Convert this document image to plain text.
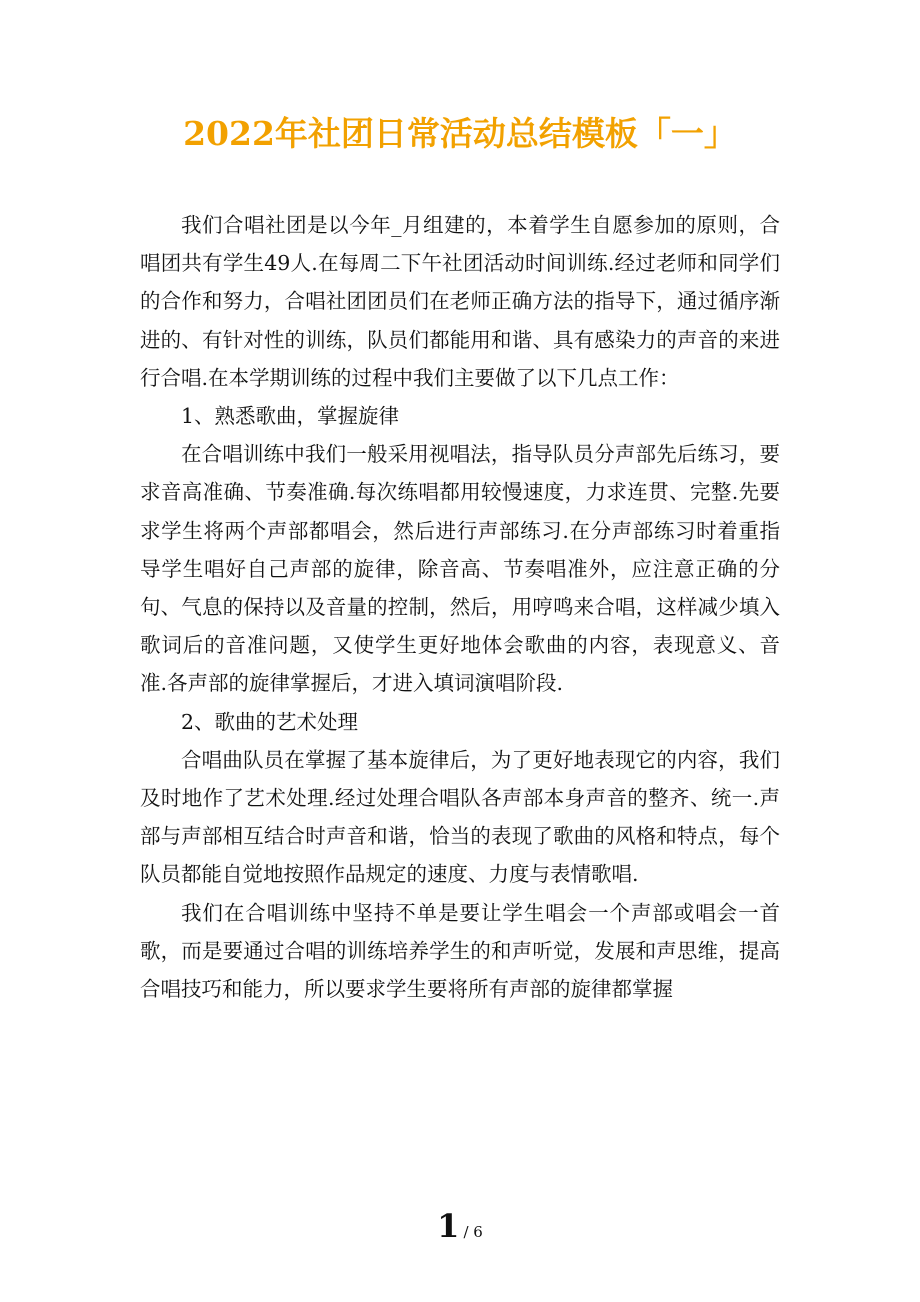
2022年社团日常活动总结模板「一」

我们合唱社团是以今年_月组建的，本着学生自愿参加的原则，合唱团共有学生49人.在每周二下午社团活动时间训练.经过老师和同学们的合作和努力，合唱社团团员们在老师正确方法的指导下，通过循序渐进的、有针对性的训练，队员们都能用和谐、具有感染力的声音的来进行合唱.在本学期训练的过程中我们主要做了以下几点工作：

1、熟悉歌曲，掌握旋律

在合唱训练中我们一般采用视唱法，指导队员分声部先后练习，要求音高准确、节奏准确.每次练唱都用较慢速度，力求连贯、完整.先要求学生将两个声部都唱会，然后进行声部练习.在分声部练习时着重指导学生唱好自己声部的旋律，除音高、节奏唱准外，应注意正确的分句、气息的保持以及音量的控制，然后，用哼鸣来合唱，这样减少填入歌词后的音准问题，又使学生更好地体会歌曲的内容，表现意义、音准.各声部的旋律掌握后，才进入填词演唱阶段.

2、歌曲的艺术处理

合唱曲队员在掌握了基本旋律后，为了更好地表现它的内容，我们及时地作了艺术处理.经过处理合唱队各声部本身声音的整齐、统一.声部与声部相互结合时声音和谐，恰当的表现了歌曲的风格和特点，每个队员都能自觉地按照作品规定的速度、力度与表情歌唱.

我们在合唱训练中坚持不单是要让学生唱会一个声部或唱会一首歌，而是要通过合唱的训练培养学生的和声听觉，发展和声思维，提高合唱技巧和能力，所以要求学生要将所有声部的旋律都掌握

1 / 6
